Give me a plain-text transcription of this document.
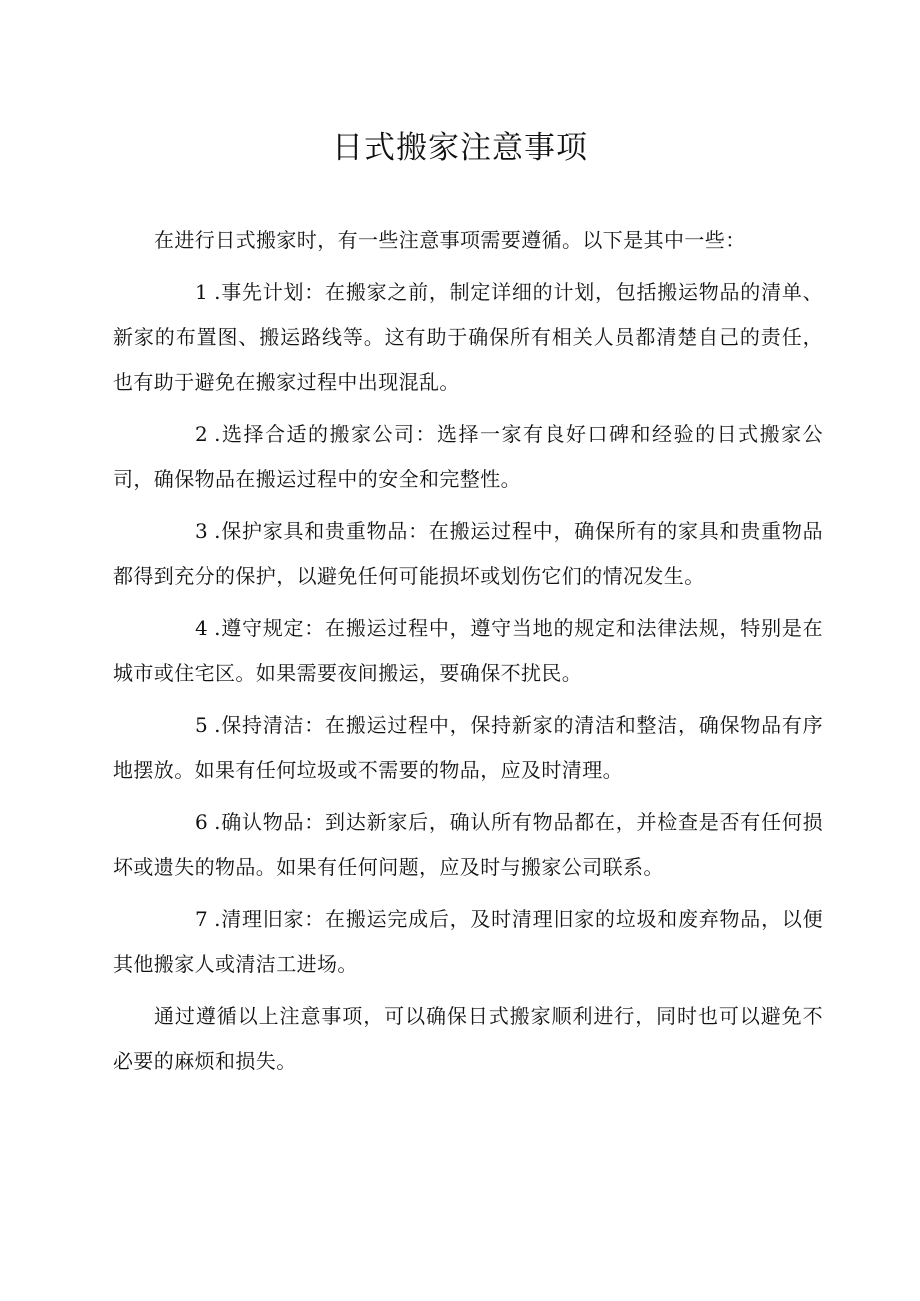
日式搬家注意事项

在进行日式搬家时，有一些注意事项需要遵循。以下是其中一些：

1 .事先计划：在搬家之前，制定详细的计划，包括搬运物品的清单、新家的布置图、搬运路线等。这有助于确保所有相关人员都清楚自己的责任，也有助于避免在搬家过程中出现混乱。

2 .选择合适的搬家公司：选择一家有良好口碑和经验的日式搬家公司，确保物品在搬运过程中的安全和完整性。

3 .保护家具和贵重物品：在搬运过程中，确保所有的家具和贵重物品都得到充分的保护，以避免任何可能损坏或划伤它们的情况发生。

4 .遵守规定：在搬运过程中，遵守当地的规定和法律法规，特别是在城市或住宅区。如果需要夜间搬运，要确保不扰民。

5 .保持清洁：在搬运过程中，保持新家的清洁和整洁，确保物品有序地摆放。如果有任何垃圾或不需要的物品，应及时清理。

6 .确认物品：到达新家后，确认所有物品都在，并检查是否有任何损坏或遗失的物品。如果有任何问题，应及时与搬家公司联系。

7 .清理旧家：在搬运完成后，及时清理旧家的垃圾和废弃物品，以便其他搬家人或清洁工进场。

通过遵循以上注意事项，可以确保日式搬家顺利进行，同时也可以避免不必要的麻烦和损失。
